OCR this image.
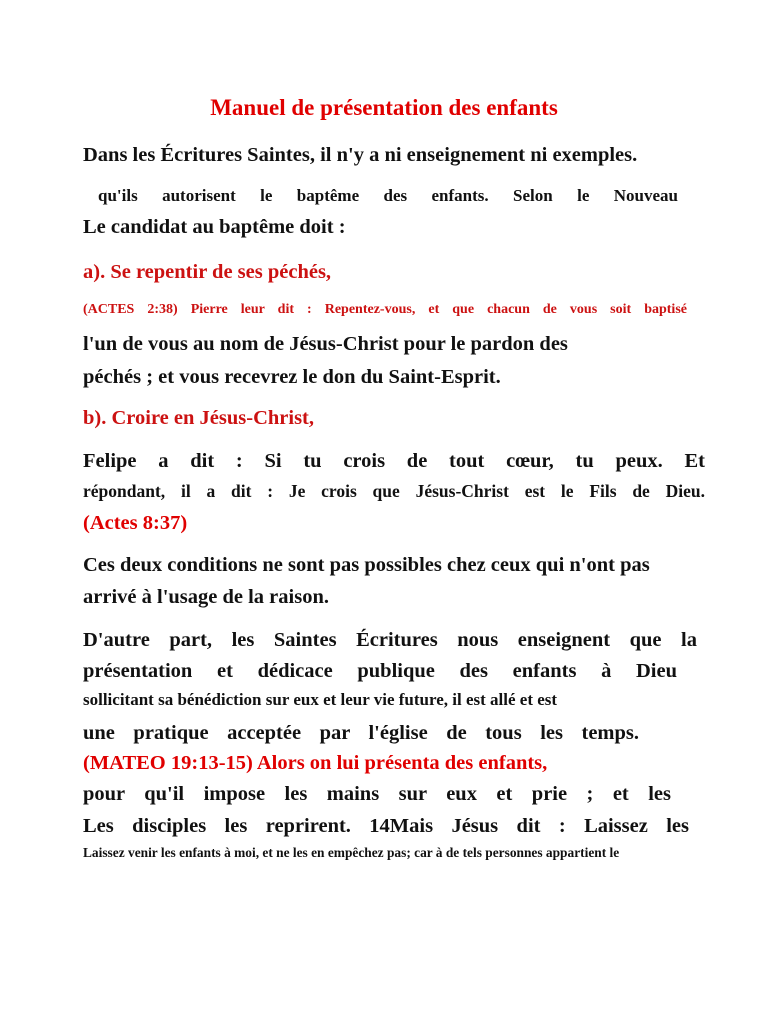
Manuel de présentation des enfants

Dans les Écritures Saintes, il n'y a ni enseignement ni exemples.

qu'ils autorisent le baptême des enfants. Selon le Nouveau

Le candidat au baptême doit :

a). Se repentir de ses péchés,

(ACTES 2:38) Pierre leur dit : Repentez-vous, et que chacun de vous soit baptisé

l'un de vous au nom de Jésus-Christ pour le pardon des

péchés ; et vous recevrez le don du Saint-Esprit.

b). Croire en Jésus-Christ,

Felipe a dit : Si tu crois de tout cœur, tu peux. Et

répondant, il a dit : Je crois que Jésus-Christ est le Fils de Dieu.

(Actes 8:37)

Ces deux conditions ne sont pas possibles chez ceux qui n'ont pas

arrivé à l'usage de la raison.

D'autre part, les Saintes Écritures nous enseignent que la

présentation et dédicace publique des enfants à Dieu

sollicitant sa bénédiction sur eux et leur vie future, il est allé et est

une pratique acceptée par l'église de tous les temps.

(MATEO 19:13-15) Alors on lui présenta des enfants,

pour qu'il impose les mains sur eux et prie ; et les

Les disciples les reprirent. 14Mais Jésus dit : Laissez les

Laissez venir les enfants à moi, et ne les en empêchez pas; car à de tels personnes appartient le
